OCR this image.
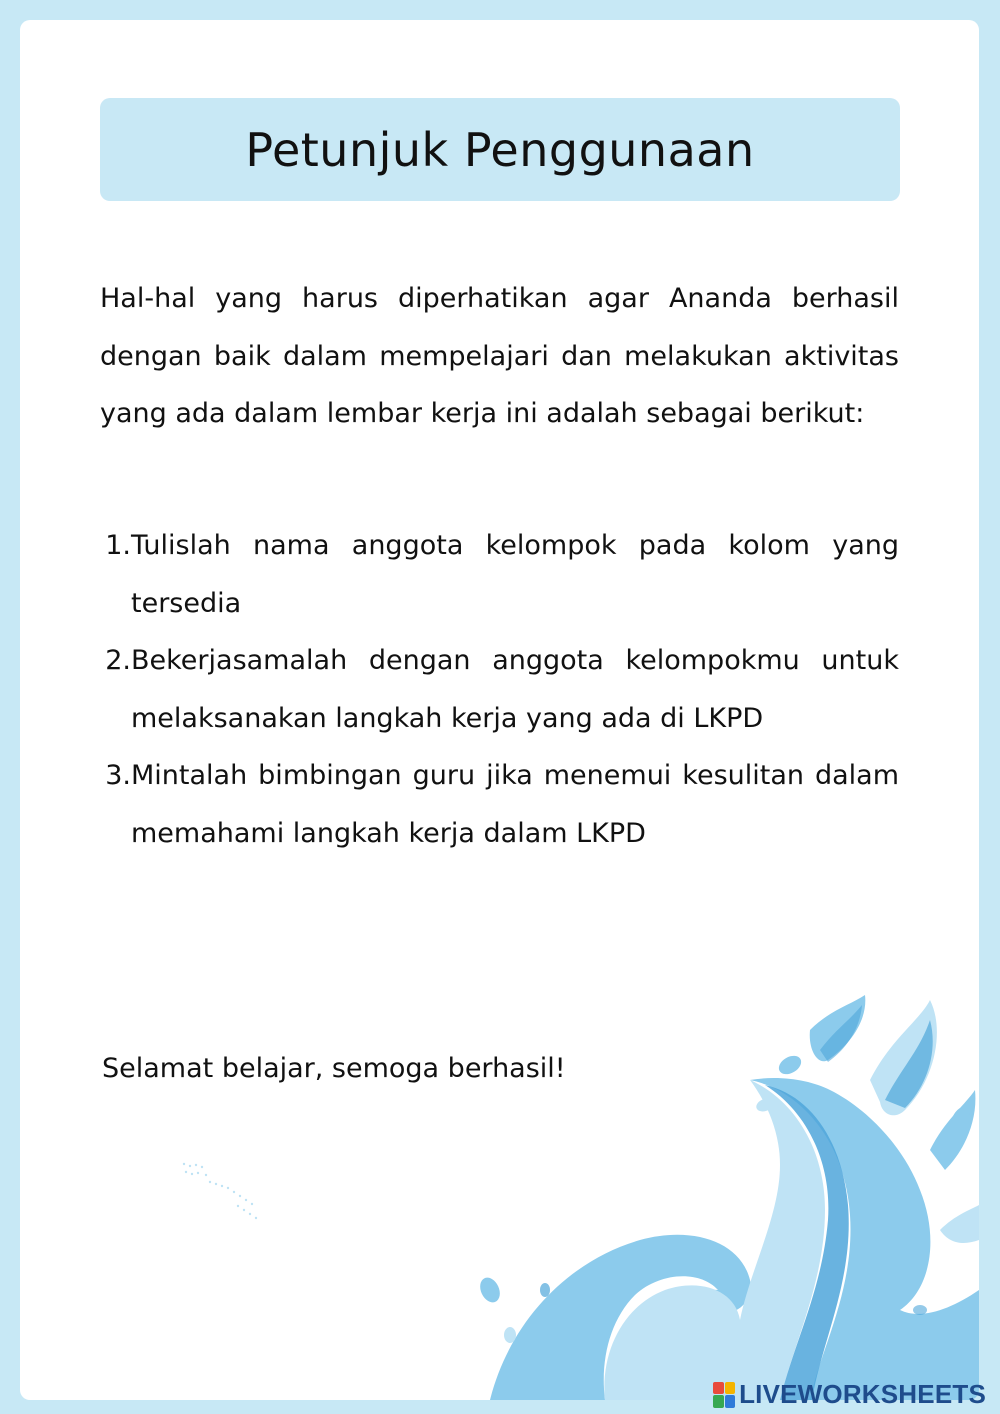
Petunjuk Penggunaan

Hal-hal yang harus diperhatikan agar Ananda berhasil dengan baik dalam mempelajari dan melakukan aktivitas yang ada dalam lembar kerja ini adalah sebagai berikut:

1. Tulislah nama anggota kelompok pada kolom yang tersedia
2. Bekerjasamalah dengan anggota kelompokmu untuk melaksanakan langkah kerja yang ada di LKPD
3. Mintalah bimbingan guru jika menemui kesulitan dalam memahami langkah kerja dalam LKPD

Selamat belajar, semoga berhasil!

LIVEWORKSHEETS
